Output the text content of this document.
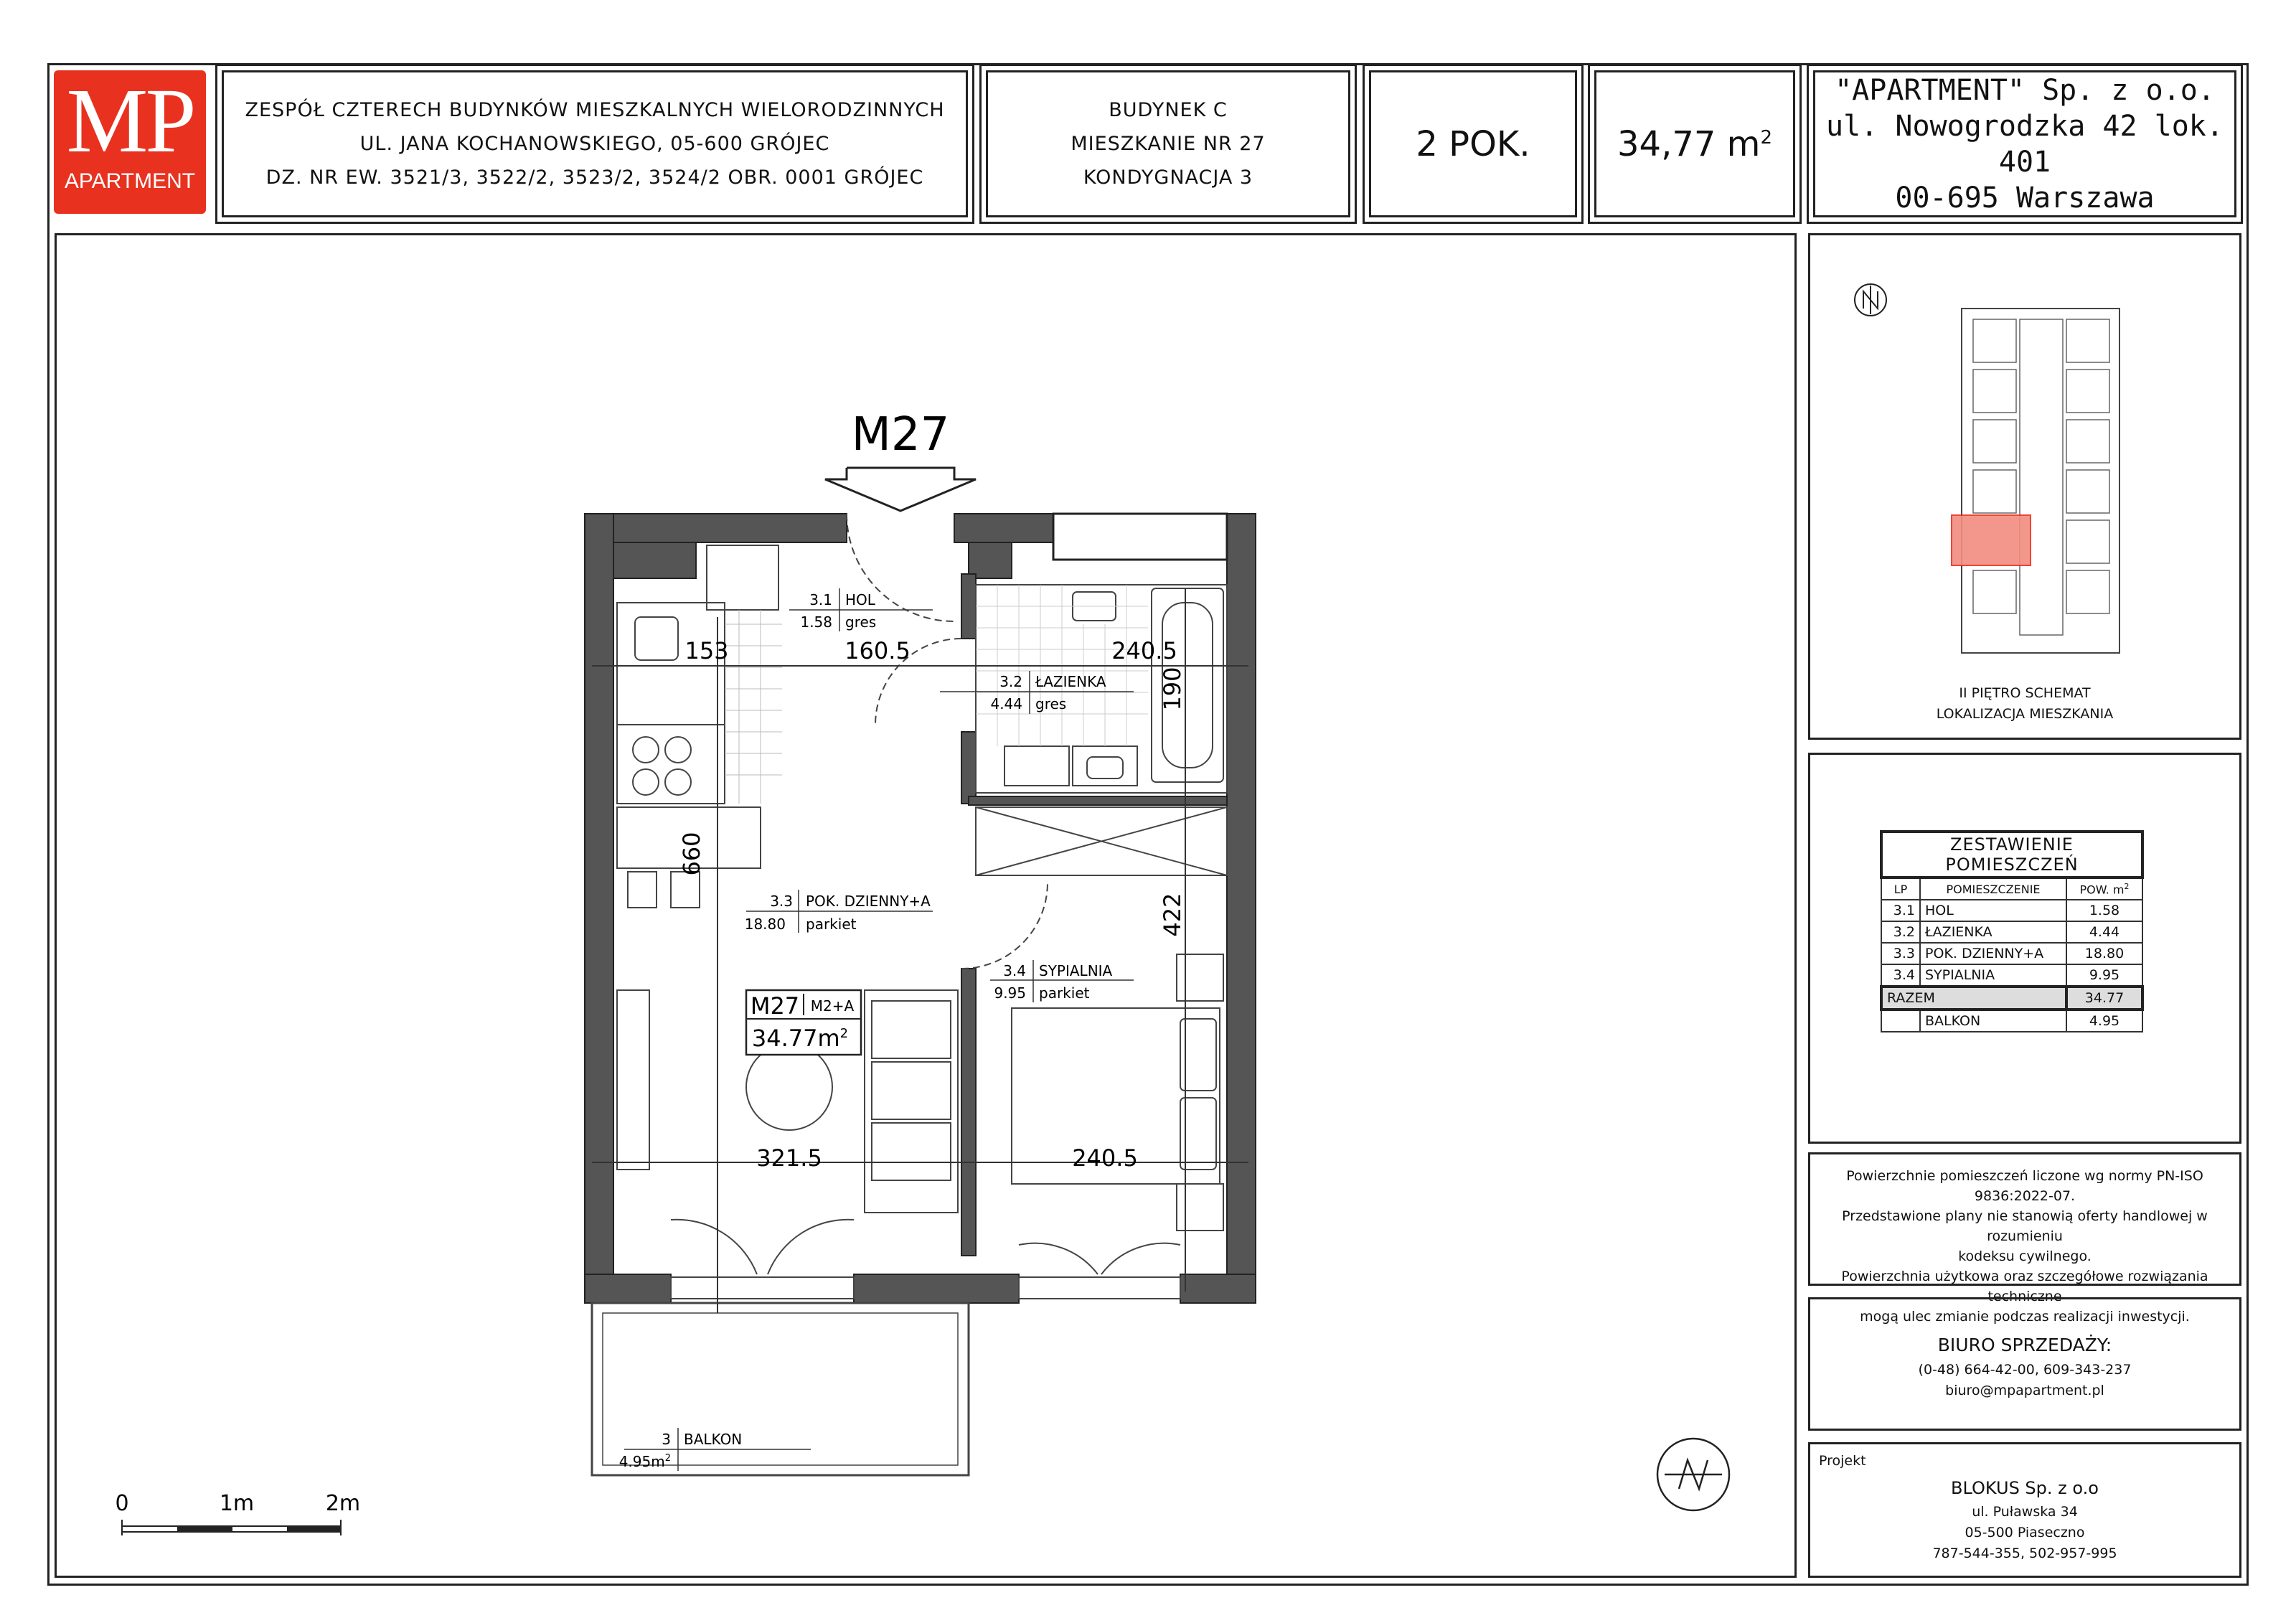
MP
APARTMENT
ZESPÓŁ CZTERECH BUDYNKÓW MIESZKALNYCH WIELORODZINNYCH
UL. JANA KOCHANOWSKIEGO, 05-600 GRÓJEC
DZ. NR EW. 3521/3, 3522/2, 3523/2, 3524/2 OBR. 0001 GRÓJEC
BUDYNEK C
MIESZKANIE NR 27
KONDYGNACJA 3
2 POK.	34,77 $m^2$
"APARTMENT" Sp. z o.o.
ul. Nowogrodzka 42 lok. 401
00-695 Warszawa
M27
153	160.5	240.5
190
660
422
321.5	240.5
3.1 HOL
1.58 gres
3.2 ŁAZIENKA
4.44 gres
3.3 POK. DZIENNY+A
18.80 parkiet
3.4 SYPIALNIA
9.95 parkiet
3 BALKON
$4.95m^2$
M27 M2+A
$34.77m^2$
0	1m	2m
II PIĘTRO SCHEMAT
LOKALIZACJA MIESZKANIA
ZESTAWIENIE POMIESZCZEŃ		
LP	POMIESZCZENIE	POW. $m^2$
3.1	HOL	1.58
3.2	ŁAZIENKA	4.44
3.3	POK. DZIENNY+A	18.80
3.4	SYPIALNIA	9.95
RAZEM		34.77
	BALKON	4.95
Powierzchnie pomieszczeń liczone wg normy PN-ISO 9836:2022-07.
Przedstawione plany nie stanowią oferty handlowej w rozumieniu
kodeksu cywilnego.
Powierzchnia użytkowa oraz szczegółowe rozwiązania techniczne
mogą ulec zmianie podczas realizacji inwestycji.
BIURO SPRZEDAŻY:
(0-48) 664-42-00, 609-343-237
biuro@mpapartment.pl
Projekt
BLOKUS Sp. z o.o
ul. Puławska 34
05-500 Piaseczno
787-544-355, 502-957-995
